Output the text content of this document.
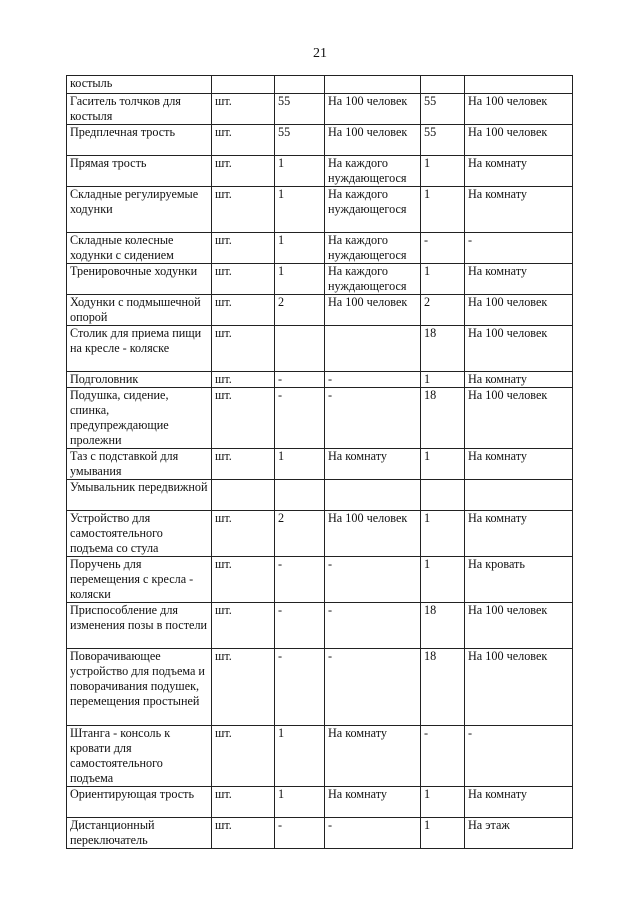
21
костыль					
Гаситель толчков для костыля	шт.	55	На 100 человек	55	На 100 человек
Предплечная трость	шт.	55	На 100 человек	55	На 100 человек
Прямая трость	шт.	1	На каждого нуждающегося	1	На комнату
Складные регулируемые ходунки	шт.	1	На каждого нуждающегося	1	На комнату
Складные колесные ходунки с сидением	шт.	1	На каждого нуждающегося	-	-
Тренировочные ходунки	шт.	1	На каждого нуждающегося	1	На комнату
Ходунки с подмышечной опорой	шт.	2	На 100 человек	2	На 100 человек
Столик для приема пищи на кресле - коляске	шт.			18	На 100 человек
Подголовник	шт.	-	-	1	На комнату
Подушка, сидение, спинка, предупреждающие пролежни	шт.	-	-	18	На 100 человек
Таз с подставкой для умывания	шт.	1	На комнату	1	На комнату
Умывальник передвижной					
Устройство для самостоятельного подъема со стула	шт.	2	На 100 человек	1	На комнату
Поручень для перемещения с кресла - коляски	шт.	-	-	1	На кровать
Приспособление для изменения позы в постели	шт.	-	-	18	На 100 человек
Поворачивающее устройство для подъема и поворачивания подушек, перемещения простыней	шт.	-	-	18	На 100 человек
Штанга - консоль к кровати для самостоятельного подъема	шт.	1	На комнату	-	-
Ориентирующая трость	шт.	1	На комнату	1	На комнату
Дистанционный переключатель	шт.	-	-	1	На этаж
